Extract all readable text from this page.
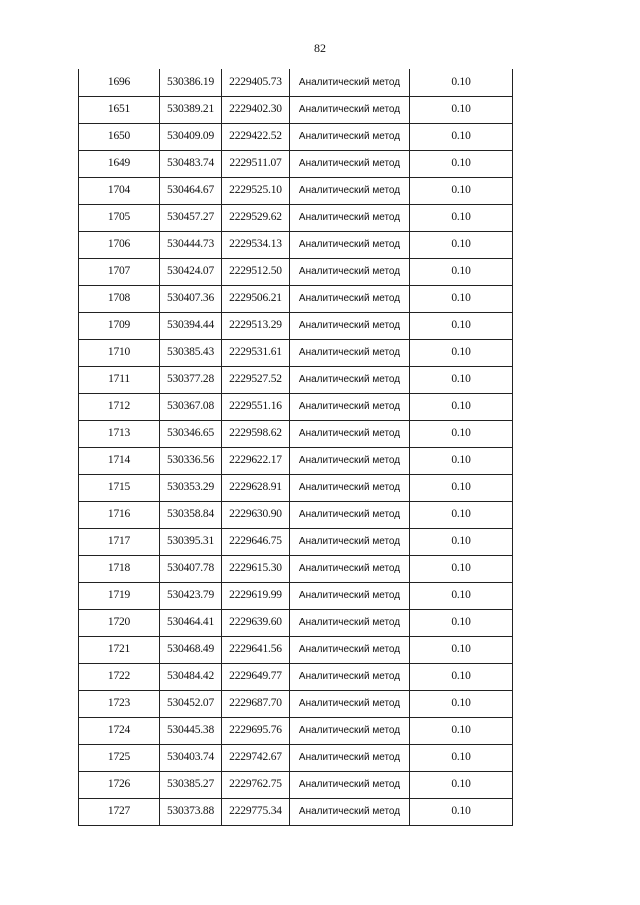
82
1696	530386.19	2229405.73	Аналитический метод	0.10
1651	530389.21	2229402.30	Аналитический метод	0.10
1650	530409.09	2229422.52	Аналитический метод	0.10
1649	530483.74	2229511.07	Аналитический метод	0.10
1704	530464.67	2229525.10	Аналитический метод	0.10
1705	530457.27	2229529.62	Аналитический метод	0.10
1706	530444.73	2229534.13	Аналитический метод	0.10
1707	530424.07	2229512.50	Аналитический метод	0.10
1708	530407.36	2229506.21	Аналитический метод	0.10
1709	530394.44	2229513.29	Аналитический метод	0.10
1710	530385.43	2229531.61	Аналитический метод	0.10
1711	530377.28	2229527.52	Аналитический метод	0.10
1712	530367.08	2229551.16	Аналитический метод	0.10
1713	530346.65	2229598.62	Аналитический метод	0.10
1714	530336.56	2229622.17	Аналитический метод	0.10
1715	530353.29	2229628.91	Аналитический метод	0.10
1716	530358.84	2229630.90	Аналитический метод	0.10
1717	530395.31	2229646.75	Аналитический метод	0.10
1718	530407.78	2229615.30	Аналитический метод	0.10
1719	530423.79	2229619.99	Аналитический метод	0.10
1720	530464.41	2229639.60	Аналитический метод	0.10
1721	530468.49	2229641.56	Аналитический метод	0.10
1722	530484.42	2229649.77	Аналитический метод	0.10
1723	530452.07	2229687.70	Аналитический метод	0.10
1724	530445.38	2229695.76	Аналитический метод	0.10
1725	530403.74	2229742.67	Аналитический метод	0.10
1726	530385.27	2229762.75	Аналитический метод	0.10
1727	530373.88	2229775.34	Аналитический метод	0.10
